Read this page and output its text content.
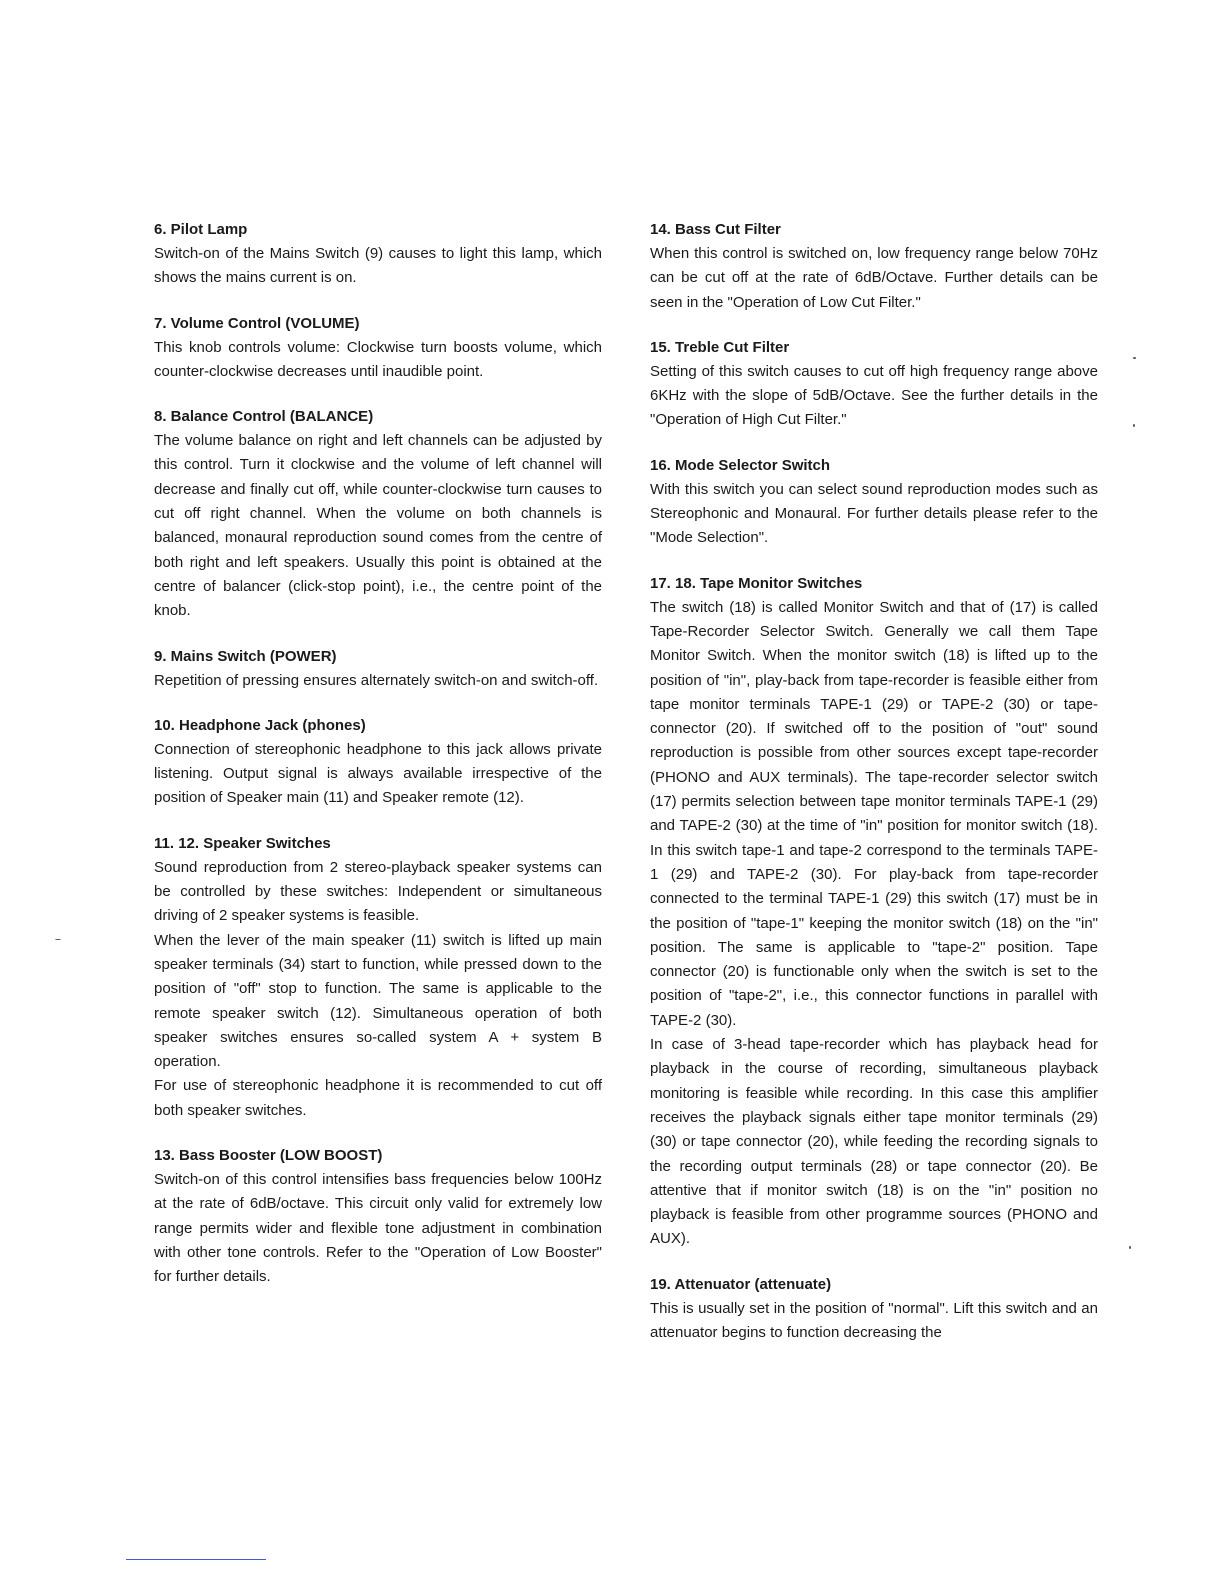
6. Pilot Lamp

Switch-on of the Mains Switch (9) causes to light this lamp, which shows the mains current is on.

7. Volume Control (VOLUME)

This knob controls volume: Clockwise turn boosts volume, which counter-clockwise decreases until inaudible point.

8. Balance Control (BALANCE)

The volume balance on right and left channels can be adjusted by this control. Turn it clockwise and the volume of left channel will decrease and finally cut off, while counter-clockwise turn causes to cut off right channel. When the volume on both channels is balanced, monaural reproduction sound comes from the centre of both right and left speakers. Usually this point is obtained at the centre of balancer (click-stop point), i.e., the centre point of the knob.

9. Mains Switch (POWER)

Repetition of pressing ensures alternately switch-on and switch-off.

10. Headphone Jack (phones)

Connection of stereophonic headphone to this jack allows private listening. Output signal is always available irrespective of the position of Speaker main (11) and Speaker remote (12).

11. 12. Speaker Switches

Sound reproduction from 2 stereo-playback speaker systems can be controlled by these switches: Independent or simultaneous driving of 2 speaker systems is feasible.

When the lever of the main speaker (11) switch is lifted up main speaker terminals (34) start to function, while pressed down to the position of "off" stop to function. The same is applicable to the remote speaker switch (12). Simultaneous operation of both speaker switches ensures so-called system A + system B operation.

For use of stereophonic headphone it is recommended to cut off both speaker switches.

13. Bass Booster (LOW BOOST)

Switch-on of this control intensifies bass frequencies below 100Hz at the rate of 6dB/octave. This circuit only valid for extremely low range permits wider and flexible tone adjustment in combination with other tone controls. Refer to the "Operation of Low Booster" for further details.

14. Bass Cut Filter

When this control is switched on, low frequency range below 70Hz can be cut off at the rate of 6dB/Octave. Further details can be seen in the "Operation of Low Cut Filter."

15. Treble Cut Filter

Setting of this switch causes to cut off high frequency range above 6KHz with the slope of 5dB/Octave. See the further details in the "Operation of High Cut Filter."

16. Mode Selector Switch

With this switch you can select sound reproduction modes such as Stereophonic and Monaural. For further details please refer to the "Mode Selection".

17. 18. Tape Monitor Switches

The switch (18) is called Monitor Switch and that of (17) is called Tape-Recorder Selector Switch. Generally we call them Tape Monitor Switch. When the monitor switch (18) is lifted up to the position of "in", play-back from tape-recorder is feasible either from tape monitor terminals TAPE-1 (29) or TAPE-2 (30) or tape-connector (20). If switched off to the position of "out" sound reproduction is possible from other sources except tape-recorder (PHONO and AUX terminals). The tape-recorder selector switch (17) permits selection between tape monitor terminals TAPE-1 (29) and TAPE-2 (30) at the time of "in" position for monitor switch (18). In this switch tape-1 and tape-2 correspond to the terminals TAPE-1 (29) and TAPE-2 (30). For play-back from tape-recorder connected to the terminal TAPE-1 (29) this switch (17) must be in the position of "tape-1" keeping the monitor switch (18) on the "in" position. The same is applicable to "tape-2" position. Tape connector (20) is functionable only when the switch is set to the position of "tape-2", i.e., this connector functions in parallel with TAPE-2 (30).

In case of 3-head tape-recorder which has playback head for playback in the course of recording, simultaneous playback monitoring is feasible while recording. In this case this amplifier receives the playback signals either tape monitor terminals (29) (30) or tape connector (20), while feeding the recording signals to the recording output terminals (28) or tape connector (20). Be attentive that if monitor switch (18) is on the "in" position no playback is feasible from other programme sources (PHONO and AUX).

19. Attenuator (attenuate)

This is usually set in the position of "normal". Lift this switch and an attenuator begins to function decreasing the
